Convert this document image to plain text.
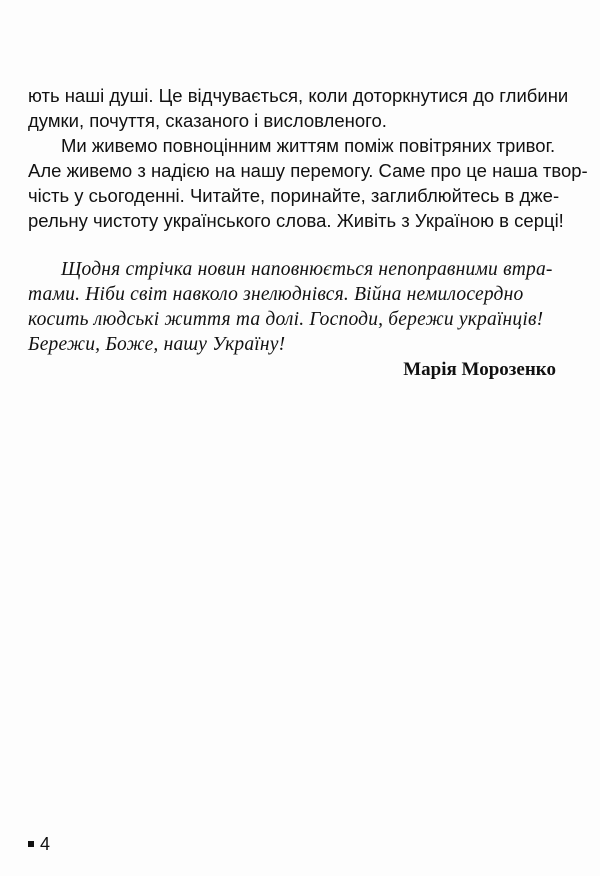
ють наші душі. Це відчувається, коли доторкнутися до глибини
думки, почуття, сказаного і висловленого.
Ми живемо повноцінним життям поміж повітряних тривог.
Але живемо з надією на нашу перемогу. Саме про це наша твор-
чість у сьогоденні. Читайте, поринайте, заглиблюйтесь в дже-
рельну чистоту українського слова. Живіть з Україною в серці!
Щодня стрічка новин наповнюється непоправними втра-
тами. Ніби світ навколо знелюднівся. Війна немилосердно
косить людські життя та долі. Господи, бережи українців!
Бережи, Боже, нашу Україну!
Марія Морозенко
4
